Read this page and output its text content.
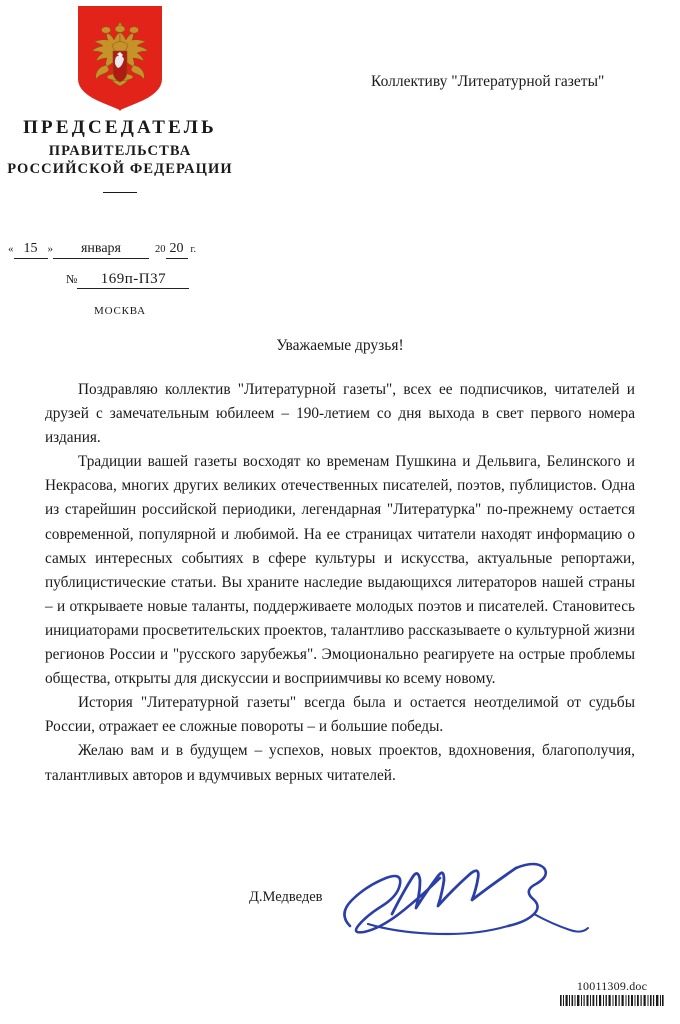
ПРЕДСЕДАТЕЛЬ
ПРАВИТЕЛЬСТВА
РОССИЙСКОЙ ФЕДЕРАЦИИ
« 15 »	января	20 20 г.
№	169п-П37
МОСКВА
Коллективу "Литературной газеты"
Уважаемые друзья!

Поздравляю коллектив "Литературной газеты", всех ее подписчиков, читателей и друзей с замечательным юбилеем – 190-летием со дня выхода в свет первого номера издания.

Традиции вашей газеты восходят ко временам Пушкина и Дельвига, Белинского и Некрасова, многих других великих отечественных писателей, поэтов, публицистов. Одна из старейшин российской периодики, легендарная "Литературка" по-прежнему остается современной, популярной и любимой. На ее страницах читатели находят информацию о самых интересных событиях в сфере культуры и искусства, актуальные репортажи, публицистические статьи. Вы храните наследие выдающихся литераторов нашей страны – и открываете новые таланты, поддерживаете молодых поэтов и писателей. Становитесь инициаторами просветительских проектов, талантливо рассказываете о культурной жизни регионов России и "русского зарубежья". Эмоционально реагируете на острые проблемы общества, открыты для дискуссии и восприимчивы ко всему новому.

История "Литературной газеты" всегда была и остается неотделимой от судьбы России, отражает ее сложные повороты – и большие победы.

Желаю вам и в будущем – успехов, новых проектов, вдохновения, благополучия, талантливых авторов и вдумчивых верных читателей.

Д.Медведев
10011309.doc
